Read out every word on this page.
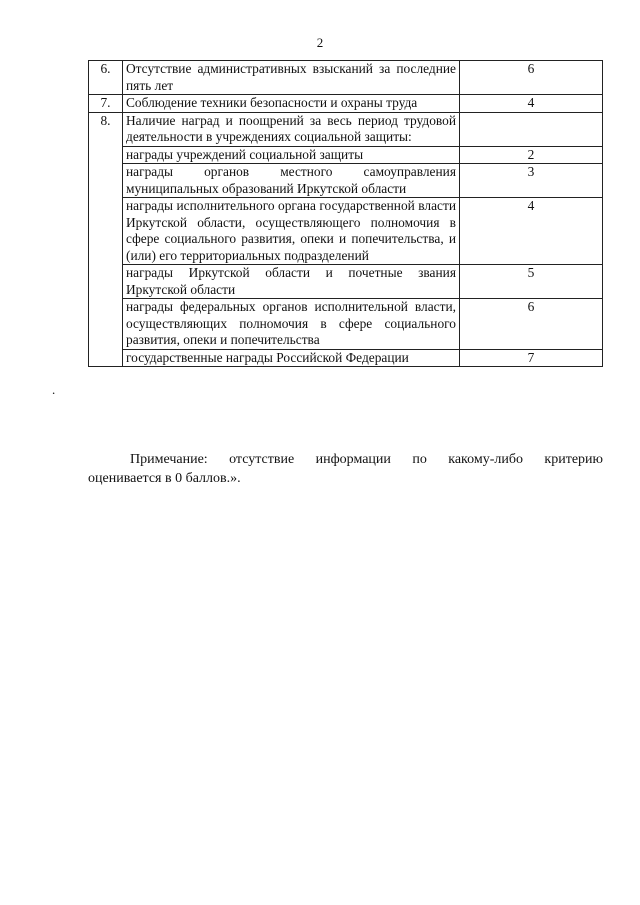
2
6.	Отсутствие административных взысканий за последние пять лет	6
7.	Соблюдение техники безопасности и охраны труда	4
8.	Наличие наград и поощрений за весь период трудовой деятельности в учреждениях социальной защиты:	
	награды учреждений социальной защиты	2
	награды органов местного самоуправления муниципальных образований Иркутской области	3
	награды исполнительного органа государственной власти Иркутской области, осуществляющего полномочия в сфере социального развития, опеки и попечительства, и (или) его территориальных подразделений	4
	награды Иркутской области и почетные звания Иркутской области	5
	награды федеральных органов исполнительной власти, осуществляющих полномочия в сфере социального развития, опеки и попечительства	6
	государственные награды Российской Федерации	7
.
Примечание: отсутствие информации по какому-либо критерию
оценивается в 0 баллов.».
